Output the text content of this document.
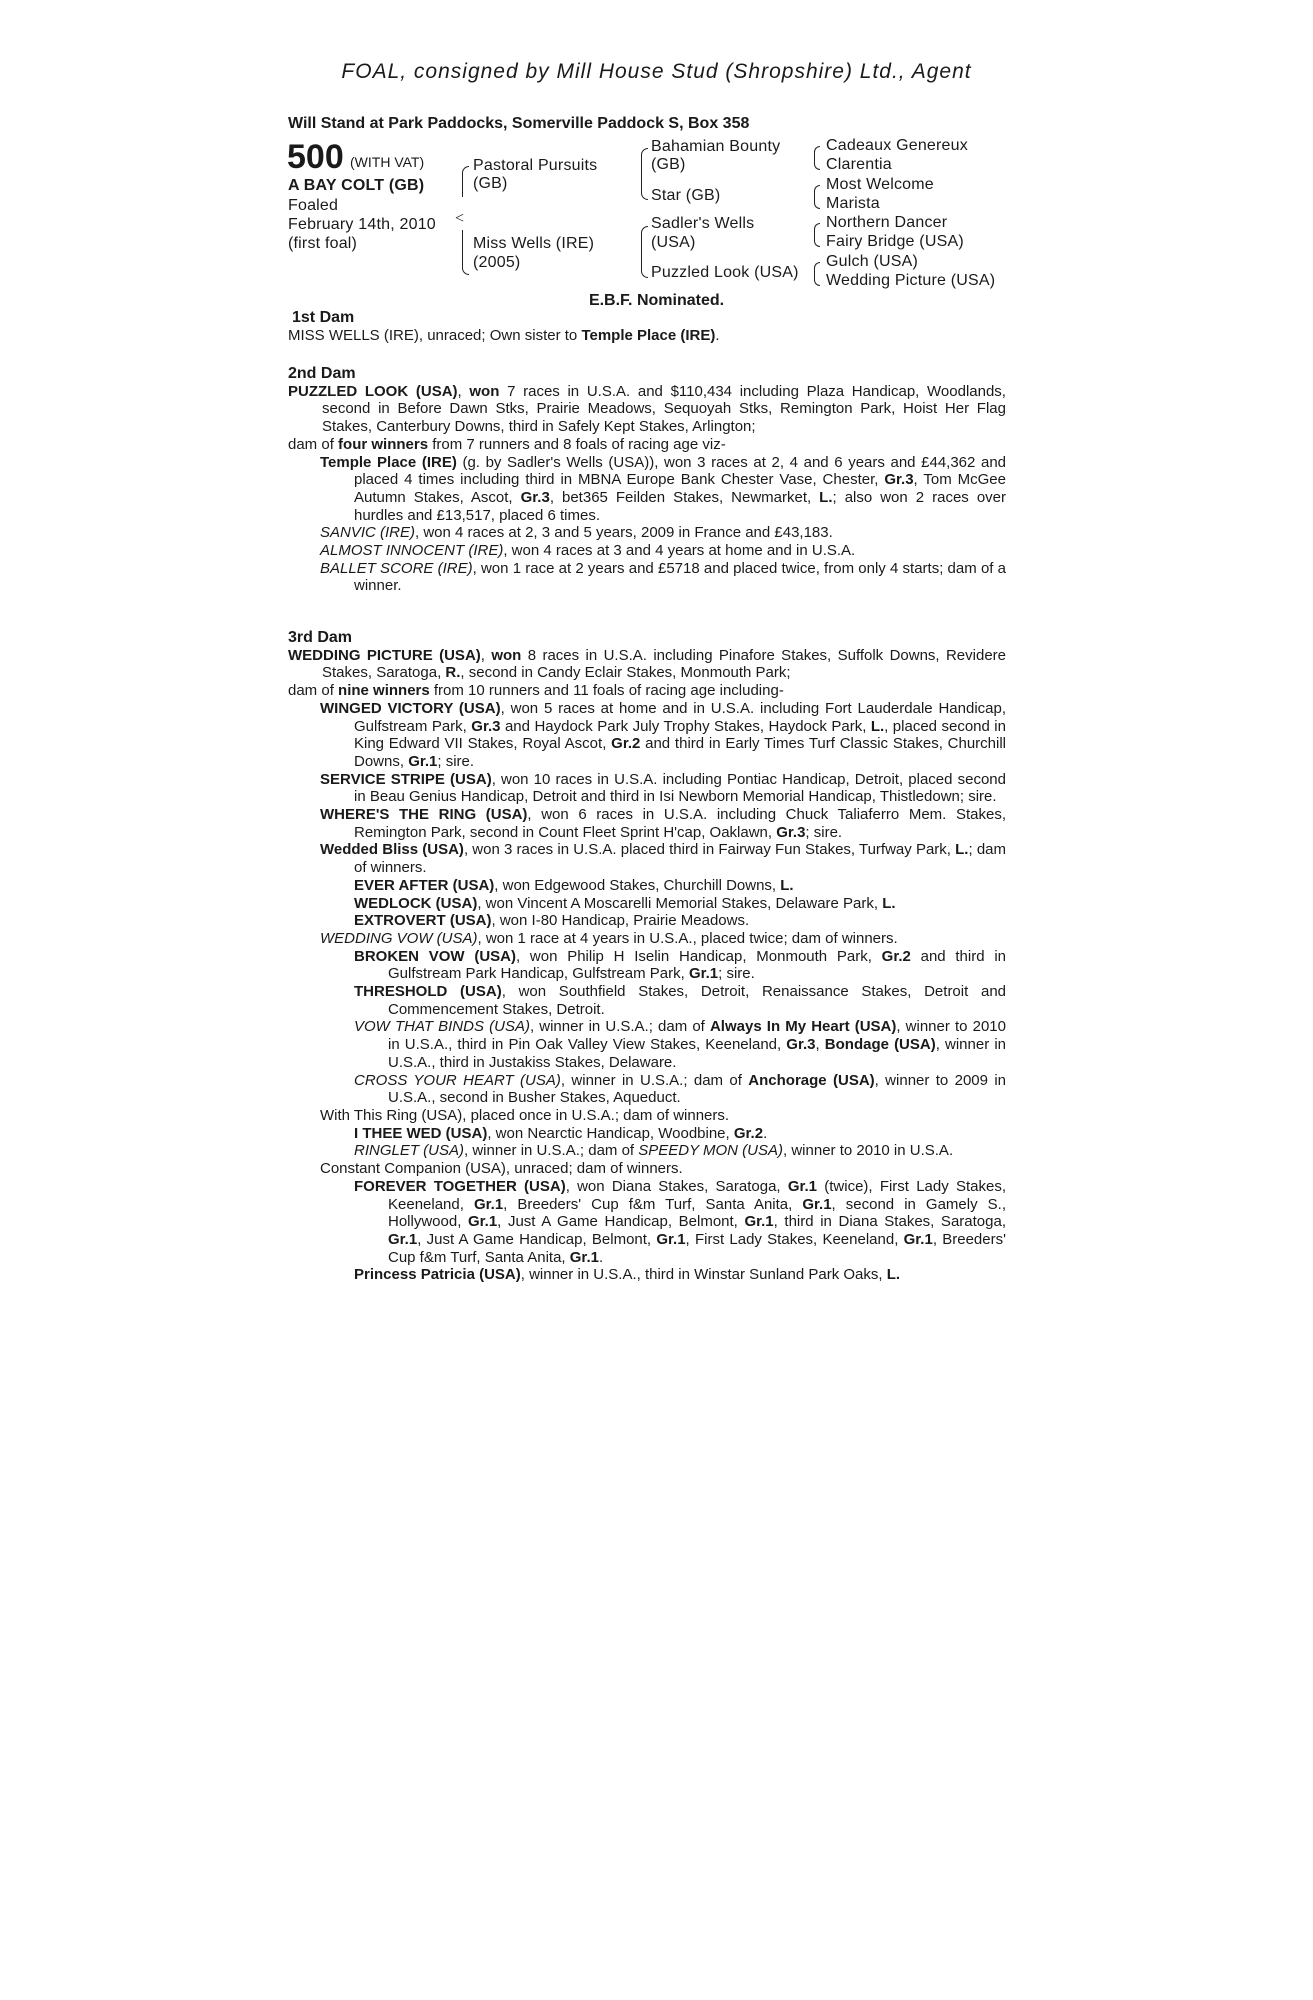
FOAL, consigned by Mill House Stud (Shropshire) Ltd., Agent
Will Stand at Park Paddocks, Somerville Paddock S, Box 358
500 (WITH VAT)
A BAY COLT (GB)
Foaled
February 14th, 2010
(first foal)
Pastoral Pursuits
(GB)
<
Miss Wells (IRE)
(2005)
Bahamian Bounty
(GB)
Star (GB)
Sadler's Wells
(USA)
Puzzled Look (USA)
Cadeaux Genereux
Clarentia
Most Welcome
Marista
Northern Dancer
Fairy Bridge (USA)
Gulch (USA)
Wedding Picture (USA)
E.B.F. Nominated.

1st Dam

MISS WELLS (IRE), unraced; Own sister to Temple Place (IRE).

2nd Dam

PUZZLED LOOK (USA), won 7 races in U.S.A. and $110,434 including Plaza Handicap, Woodlands, second in Before Dawn Stks, Prairie Meadows, Sequoyah Stks, Remington Park, Hoist Her Flag Stakes, Canterbury Downs, third in Safely Kept Stakes, Arlington;

dam of four winners from 7 runners and 8 foals of racing age viz-

Temple Place (IRE) (g. by Sadler's Wells (USA)), won 3 races at 2, 4 and 6 years and £44,362 and placed 4 times including third in MBNA Europe Bank Chester Vase, Chester, Gr.3, Tom McGee Autumn Stakes, Ascot, Gr.3, bet365 Feilden Stakes, Newmarket, L.; also won 2 races over hurdles and £13,517, placed 6 times.

SANVIC (IRE), won 4 races at 2, 3 and 5 years, 2009 in France and £43,183.

ALMOST INNOCENT (IRE), won 4 races at 3 and 4 years at home and in U.S.A.

BALLET SCORE (IRE), won 1 race at 2 years and £5718 and placed twice, from only 4 starts; dam of a winner.

3rd Dam

WEDDING PICTURE (USA), won 8 races in U.S.A. including Pinafore Stakes, Suffolk Downs, Revidere Stakes, Saratoga, R., second in Candy Eclair Stakes, Monmouth Park;

dam of nine winners from 10 runners and 11 foals of racing age including-

WINGED VICTORY (USA), won 5 races at home and in U.S.A. including Fort Lauderdale Handicap, Gulfstream Park, Gr.3 and Haydock Park July Trophy Stakes, Haydock Park, L., placed second in King Edward VII Stakes, Royal Ascot, Gr.2 and third in Early Times Turf Classic Stakes, Churchill Downs, Gr.1; sire.

SERVICE STRIPE (USA), won 10 races in U.S.A. including Pontiac Handicap, Detroit, placed second in Beau Genius Handicap, Detroit and third in Isi Newborn Memorial Handicap, Thistledown; sire.

WHERE'S THE RING (USA), won 6 races in U.S.A. including Chuck Taliaferro Mem. Stakes, Remington Park, second in Count Fleet Sprint H'cap, Oaklawn, Gr.3; sire.

Wedded Bliss (USA), won 3 races in U.S.A. placed third in Fairway Fun Stakes, Turfway Park, L.; dam of winners.

EVER AFTER (USA), won Edgewood Stakes, Churchill Downs, L.

WEDLOCK (USA), won Vincent A Moscarelli Memorial Stakes, Delaware Park, L.

EXTROVERT (USA), won I-80 Handicap, Prairie Meadows.

WEDDING VOW (USA), won 1 race at 4 years in U.S.A., placed twice; dam of winners.

BROKEN VOW (USA), won Philip H Iselin Handicap, Monmouth Park, Gr.2 and third in Gulfstream Park Handicap, Gulfstream Park, Gr.1; sire.

THRESHOLD (USA), won Southfield Stakes, Detroit, Renaissance Stakes, Detroit and Commencement Stakes, Detroit.

VOW THAT BINDS (USA), winner in U.S.A.; dam of Always In My Heart (USA), winner to 2010 in U.S.A., third in Pin Oak Valley View Stakes, Keeneland, Gr.3, Bondage (USA), winner in U.S.A., third in Justakiss Stakes, Delaware.

CROSS YOUR HEART (USA), winner in U.S.A.; dam of Anchorage (USA), winner to 2009 in U.S.A., second in Busher Stakes, Aqueduct.

With This Ring (USA), placed once in U.S.A.; dam of winners.

I THEE WED (USA), won Nearctic Handicap, Woodbine, Gr.2.

RINGLET (USA), winner in U.S.A.; dam of SPEEDY MON (USA), winner to 2010 in U.S.A.

Constant Companion (USA), unraced; dam of winners.

FOREVER TOGETHER (USA), won Diana Stakes, Saratoga, Gr.1 (twice), First Lady Stakes, Keeneland, Gr.1, Breeders' Cup f&m Turf, Santa Anita, Gr.1, second in Gamely S., Hollywood, Gr.1, Just A Game Handicap, Belmont, Gr.1, third in Diana Stakes, Saratoga, Gr.1, Just A Game Handicap, Belmont, Gr.1, First Lady Stakes, Keeneland, Gr.1, Breeders' Cup f&m Turf, Santa Anita, Gr.1.

Princess Patricia (USA), winner in U.S.A., third in Winstar Sunland Park Oaks, L.
